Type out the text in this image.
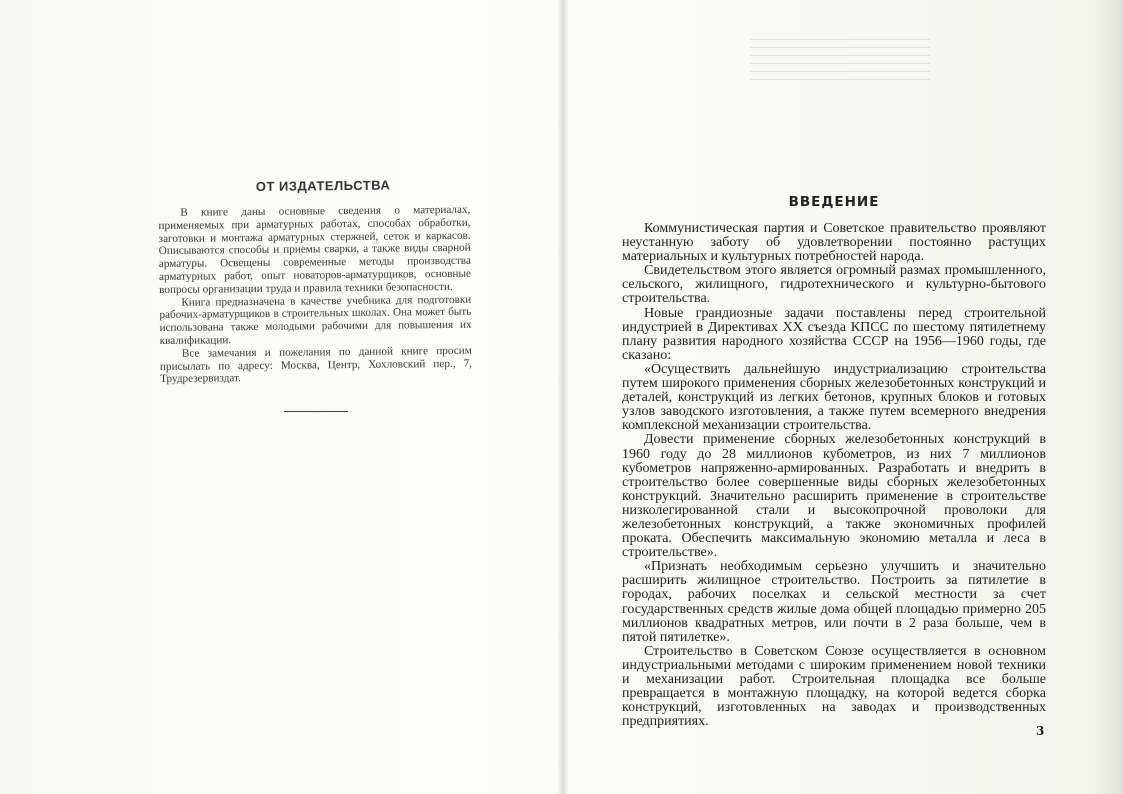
ОТ ИЗДАТЕЛЬСТВА

В книге даны основные сведения о материалах, применяемых при арматурных работах, способах обработки, заготовки и монтажа арматурных стержней, сеток и каркасов. Описываются способы и приемы сварки, а также виды сварной арматуры. Освещены современные методы производства арматурных работ, опыт новаторов-арматурщиков, основные вопросы организации труда и правила техники безопасности.

Книга предназначена в качестве учебника для подготовки рабочих-арматурщиков в строительных школах. Она может быть использована также молодыми рабочими для повышения их квалификации.

Все замечания и пожелания по данной книге просим присылать по адресу: Москва, Центр, Хохловский пер., 7, Трудрезервиздат.

ВВЕДЕНИЕ

Коммунистическая партия и Советское правительство проявляют неустанную заботу об удовлетворении постоянно растущих материальных и культурных потребностей народа.

Свидетельством этого является огромный размах промышленного, сельского, жилищного, гидротехнического и культурно-бытового строительства.

Новые грандиозные задачи поставлены перед строительной индустрией в Директивах XX съезда КПСС по шестому пятилетнему плану развития народного хозяйства СССР на 1956—1960 годы, где сказано:

«Осуществить дальнейшую индустриализацию строительства путем широкого применения сборных железобетонных конструкций и деталей, конструкций из легких бетонов, крупных блоков и готовых узлов заводского изготовления, а также путем всемерного внедрения комплексной механизации строительства.

Довести применение сборных железобетонных конструкций в 1960 году до 28 миллионов кубометров, из них 7 миллионов кубометров напряженно-армированных. Разработать и внедрить в строительство более совершенные виды сборных железобетонных конструкций. Значительно расширить применение в строительстве низколегированной стали и высокопрочной проволоки для железобетонных конструкций, а также экономичных профилей проката. Обеспечить максимальную экономию металла и леса в строительстве».

«Признать необходимым серьезно улучшить и значительно расширить жилищное строительство. Построить за пятилетие в городах, рабочих поселках и сельской местности за счет государственных средств жилые дома общей площадью примерно 205 миллионов квадратных метров, или почти в 2 раза больше, чем в пятой пятилетке».

Строительство в Советском Союзе осуществляется в основном индустриальными методами с широким применением новой техники и механизации работ. Строительная площадка все больше превращается в монтажную площадку, на которой ведется сборка конструкций, изготовленных на заводах и производственных предприятиях.

3
